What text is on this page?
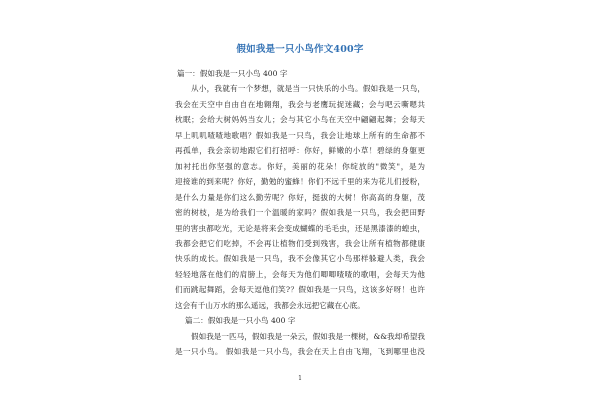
假如我是一只小鸟作文400字
篇一：假如我是一只小鸟 400 字
从小，我就有一个梦想，就是当一只快乐的小鸟。假如我是一只鸟，
我会在天空中自由自在地翱翔，我会与老鹰玩捉迷藏；会与吧云嘶嗯共
枕眠；会给大树妈妈当女儿；会与其它小鸟在天空中翩翩起舞；会每天
早上叽叽喳喳地歌唱？假如我是一只鸟，我会让地球上所有的生命都不
再孤单，我会亲切地跟它们打招呼：你好，鲜嫩的小草！碧绿的身躯更
加衬托出你坚强的意志。你好，美丽的花朵！你绽放的"微笑"，是为
迎接谁的到来呢？你好，勤勉的蜜蜂！你们不远千里的来为花儿们授粉，
是什么力量是你们这么勤劳呢？你好，挺拔的大树！你高高的身躯，茂
密的树枝，是为给我们一个温暖的家吗？假如我是一只鸟，我会把田野
里的害虫都吃光，无论是将来会变成蝴蝶的毛毛虫，还是黑漆漆的蝗虫，
我都会把它们吃掉，不会再让植物们受到残害，我会让所有植物都健康
快乐的成长。假如我是一只鸟，我不会像其它小鸟那样躲避人类，我会
轻轻地落在他们的肩膀上，会每天为他们唧唧喳喳的歌唱，会每天为他
们而跳起舞蹈，会每天逗他们笑?？假如我是一只鸟，这该多好呀！也许
这会有千山万水的那么遥远，我都会永远把它藏在心底。
篇二：假如我是一只小鸟 400 字
假如我是一匹马，假如我是一朵云，假如我是一棵树，&&我却希望我
是一只小鸟。 假如我是一只小鸟，我会在天上自由飞翔，飞到哪里也没
1
